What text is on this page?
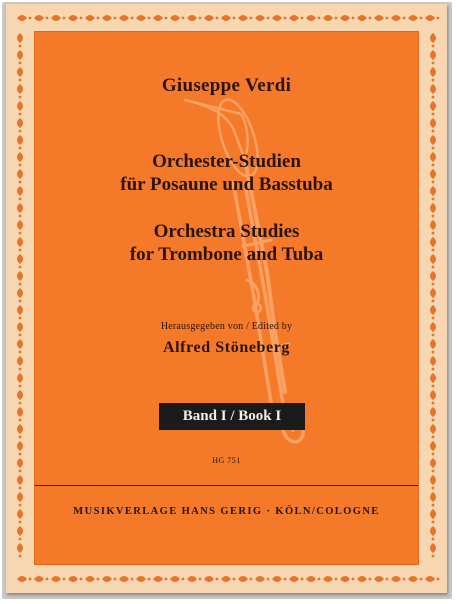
Giuseppe Verdi
Orchester-Studien
für Posaune und Basstuba
Orchestra Studies
for Trombone and Tuba
Herausgegeben von / Edited by
Alfred Stöneberg
Band I / Book I
HG 751
MUSIKVERLAGE HANS GERIG · KÖLN/COLOGNE
